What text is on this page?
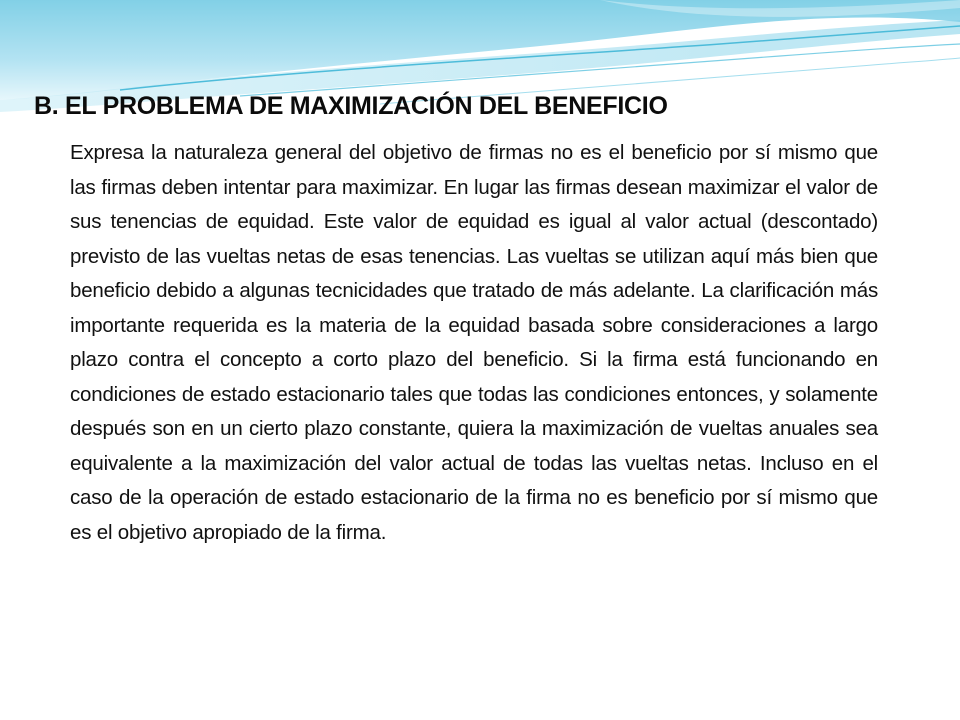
B. EL PROBLEMA DE MAXIMIZACIÓN DEL BENEFICIO

Expresa la naturaleza general del objetivo de firmas no es el beneficio por sí mismo que las firmas deben intentar para maximizar. En lugar las firmas desean maximizar el valor de sus tenencias de equidad. Este valor de equidad es igual al valor actual (descontado) previsto de las vueltas netas de esas tenencias. Las vueltas se utilizan aquí más bien que beneficio debido a algunas tecnicidades que tratado de más adelante. La clarificación más importante requerida es la materia de la equidad basada sobre consideraciones a largo plazo contra el concepto a corto plazo del beneficio. Si la firma está funcionando en condiciones de estado estacionario tales que todas las condiciones entonces, y solamente después son en un cierto plazo constante, quiera la maximización de vueltas anuales sea equivalente a la maximización del valor actual de todas las vueltas netas. Incluso en el caso de la operación de estado estacionario de la firma no es beneficio por sí mismo que es el objetivo apropiado de la firma.
